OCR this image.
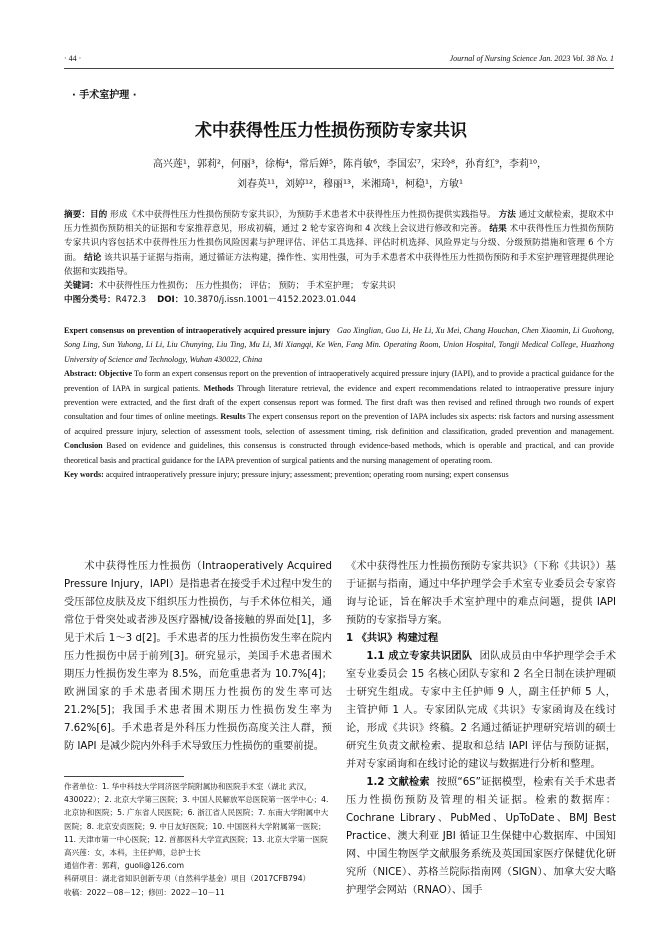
· 44 ·	Journal of Nursing Science Jan. 2023 Vol. 38 No. 1
· 手术室护理 ·
术中获得性压力性损伤预防专家共识
高兴莲¹，郭莉²，何丽³，徐梅⁴，常后婵⁵，陈肖敏⁶，李国宏⁷，宋玲⁸，孙育红⁹，李莉¹⁰，
刘春英¹¹，刘婷¹²，穆丽¹³，米湘琦¹，柯稳¹，方敏¹
摘要：目的 形成《术中获得性压力性损伤预防专家共识》，为预防手术患者术中获得性压力性损伤提供实践指导。 方法 通过文献检索，提取术中压力性损伤预防相关的证据和专家推荐意见，形成初稿，通过 2 轮专家咨询和 4 次线上会议进行修改和完善。 结果 术中获得性压力性损伤预防专家共识内容包括术中获得性压力性损伤风险因素与护理评估、评估工具选择、评估时机选择、风险界定与分级、分级预防措施和管理 6 个方面。 结论 该共识基于证据与指南，通过循证方法构建，操作性、实用性强，可为手术患者术中获得性压力性损伤预防和手术室护理管理提供理论依据和实践指导。
关键词：术中获得性压力性损伤； 压力性损伤； 评估； 预防； 手术室护理； 专家共识
中图分类号：R472.3 DOI：10.3870/j.issn.1001－4152.2023.01.044
Expert consensus on prevention of intraoperatively acquired pressure injury Gao Xinglian, Guo Li, He Li, Xu Mei, Chang Houchan, Chen Xiaomin, Li Guohong, Song Ling, Sun Yuhong, Li Li, Liu Chunying, Liu Ting, Mu Li, Mi Xiangqi, Ke Wen, Fang Min. Operating Room, Union Hospital, Tongji Medical College, Huazhong University of Science and Technology, Wuhan 430022, China
Abstract: Objective To form an expert consensus report on the prevention of intraoperatively acquired pressure injury (IAPI), and to provide a practical guidance for the prevention of IAPA in surgical patients. Methods Through literature retrieval, the evidence and expert recommendations related to intraoperative pressure injury prevention were extracted, and the first draft of the expert consensus report was formed. The first draft was then revised and refined through two rounds of expert consultation and four times of online meetings. Results The expert consensus report on the prevention of IAPA includes six aspects: risk factors and nursing assessment of acquired pressure injury, selection of assessment tools, selection of assessment timing, risk definition and classification, graded prevention and management. Conclusion Based on evidence and guidelines, this consensus is constructed through evidence-based methods, which is operable and practical, and can provide theoretical basis and practical guidance for the IAPA prevention of surgical patients and the nursing management of operating room.
Key words: acquired intraoperatively pressure injury; pressure injury; assessment; prevention; operating room nursing; expert consensus

术中获得性压力性损伤（Intraoperatively Acquired Pressure Injury，IAPI）是指患者在接受手术过程中发生的受压部位皮肤及皮下组织压力性损伤，与手术体位相关，通常位于骨突处或者涉及医疗器械/设备接触的界面处[1]，多见于术后 1～3 d[2]。手术患者的压力性损伤发生率在院内压力性损伤中居于前列[3]。研究显示，美国手术患者围术期压力性损伤发生率为 8.5%，而危重患者为 10.7%[4]；欧洲国家的手术患者围术期压力性损伤的发生率可达 21.2%[5]；我国手术患者围术期压力性损伤发生率为 7.62%[6]。手术患者是外科压力性损伤高度关注人群，预防 IAPI 是减少院内外科手术导致压力性损伤的重要前提。

作者单位：1. 华中科技大学同济医学院附属协和医院手术室（湖北 武汉，430022）；2. 北京大学第三医院；3. 中国人民解放军总医院第一医学中心；4. 北京协和医院；5. 广东省人民医院；6. 浙江省人民医院；7. 东南大学附属中大医院；8. 北京安贞医院；9. 中日友好医院；10. 中国医科大学附属第一医院；11. 天津市第一中心医院；12. 首都医科大学宣武医院；13. 北京大学第一医院
高兴莲：女，本科，主任护师，总护士长
通信作者：郭莉，guoli@126.com
科研项目：湖北省知识创新专项（自然科学基金）项目（2017CFB794）
收稿：2022－08－12；修回：2022－10－11

《术中获得性压力性损伤预防专家共识》（下称《共识》）基于证据与指南，通过中华护理学会手术室专业委员会专家咨询与论证，旨在解决手术室护理中的难点问题，提供 IAPI 预防的专家指导方案。

1 《共识》构建过程

1.1 成立专家共识团队 团队成员由中华护理学会手术室专业委员会 15 名核心团队专家和 2 名全日制在读护理硕士研究生组成。专家中主任护师 9 人，副主任护师 5 人，主管护师 1 人。专家团队完成《共识》专家函询及在线讨论，形成《共识》终稿。2 名通过循证护理研究培训的硕士研究生负责文献检索、提取和总结 IAPI 评估与预防证据，并对专家函询和在线讨论的建议与数据进行分析和整理。

1.2 文献检索 按照“6S”证据模型，检索有关手术患者压力性损伤预防及管理的相关证据。检索的数据库：Cochrane Library、PubMed、UpToDate、BMJ Best Practice、澳大利亚 JBI 循证卫生保健中心数据库、中国知网、中国生物医学文献服务系统及英国国家医疗保健优化研究所（NICE）、苏格兰院际指南网（SIGN）、加拿大安大略护理学会网站（RNAO）、国手
